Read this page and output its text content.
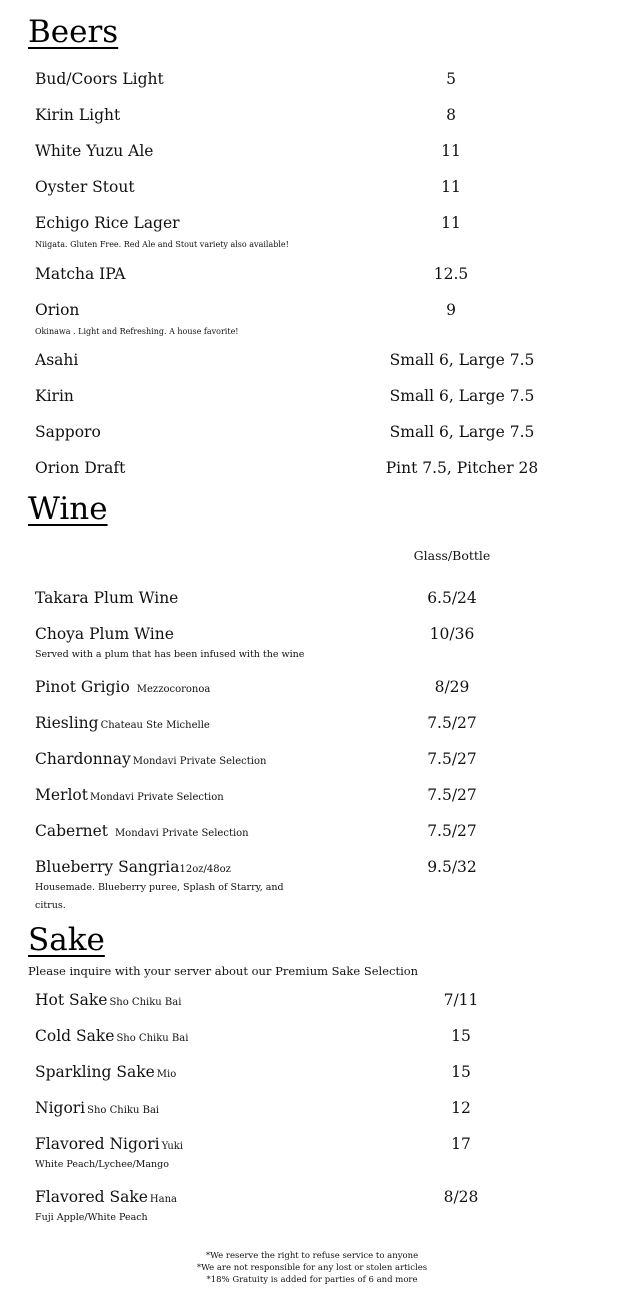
Beers
Bud/Coors Light	5
Kirin Light	8
White Yuzu Ale	11
Oyster Stout	11
Echigo Rice Lager	11
Niigata. Gluten Free. Red Ale and Stout variety also available!
Matcha IPA	12.5
Orion	9
Okinawa . Light and Refreshing. A house favorite!
Asahi	Small 6, Large 7.5
Kirin	Small 6, Large 7.5
Sapporo	Small 6, Large 7.5
Orion Draft	Pint 7.5, Pitcher 28
Wine
Glass/Bottle
Takara Plum Wine	6.5/24
Choya Plum Wine	10/36
Served with a plum that has been infused with the wine
Pinot Grigio Mezzocoronoa	8/29
Riesling Chateau Ste Michelle	7.5/27
Chardonnay Mondavi Private Selection	7.5/27
Merlot Mondavi Private Selection	7.5/27
Cabernet Mondavi Private Selection	7.5/27
Blueberry Sangria12oz/48oz	9.5/32
Housemade. Blueberry puree, Splash of Starry, and citrus.
Sake
Please inquire with your server about our Premium Sake Selection
Hot Sake Sho Chiku Bai	7/11
Cold Sake Sho Chiku Bai	15
Sparkling Sake Mio	15
Nigori Sho Chiku Bai	12
Flavored Nigori Yuki	17
White Peach/Lychee/Mango
Flavored Sake Hana	8/28
Fuji Apple/White Peach
*We reserve the right to refuse service to anyone
*We are not responsible for any lost or stolen articles
*18% Gratuity is added for parties of 6 and more
